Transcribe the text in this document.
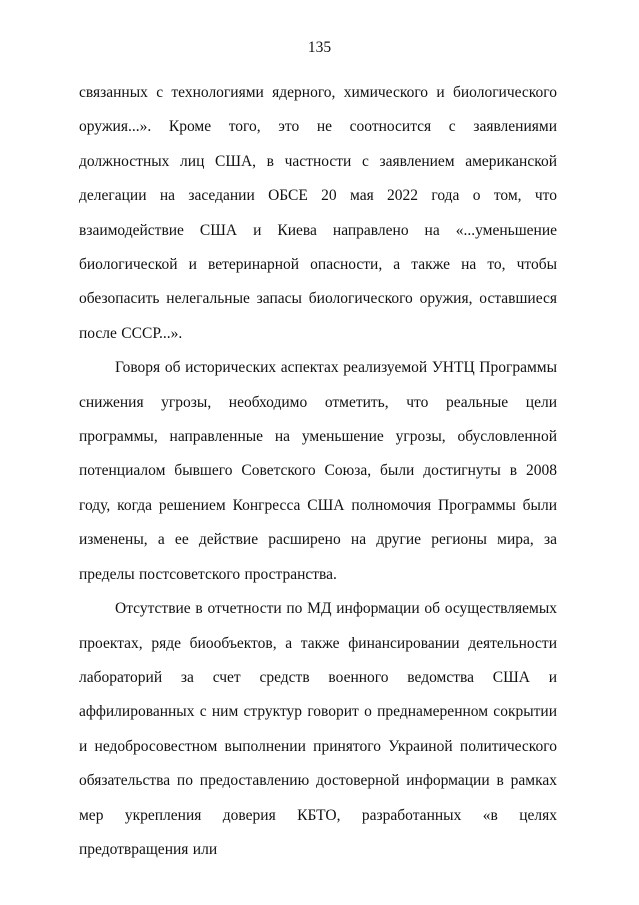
135

связанных с технологиями ядерного, химического и биологического оружия...». Кроме того, это не соотносится с заявлениями должностных лиц США, в частности с заявлением американской делегации на заседании ОБСЕ 20 мая 2022 года о том, что взаимодействие США и Киева направлено на «...уменьшение биологической и ветеринарной опасности, а также на то, чтобы обезопасить нелегальные запасы биологического оружия, оставшиеся после СССР...».

Говоря об исторических аспектах реализуемой УНТЦ Программы снижения угрозы, необходимо отметить, что реальные цели программы, направленные на уменьшение угрозы, обусловленной потенциалом бывшего Советского Союза, были достигнуты в 2008 году, когда решением Конгресса США полномочия Программы были изменены, а ее действие расширено на другие регионы мира, за пределы постсоветского пространства.

Отсутствие в отчетности по МД информации об осуществляемых проектах, ряде биообъектов, а также финансировании деятельности лабораторий за счет средств военного ведомства США и аффилированных с ним структур говорит о преднамеренном сокрытии и недобросовестном выполнении принятого Украиной политического обязательства по предоставлению достоверной информации в рамках мер укрепления доверия КБТО, разработанных «в целях предотвращения или
